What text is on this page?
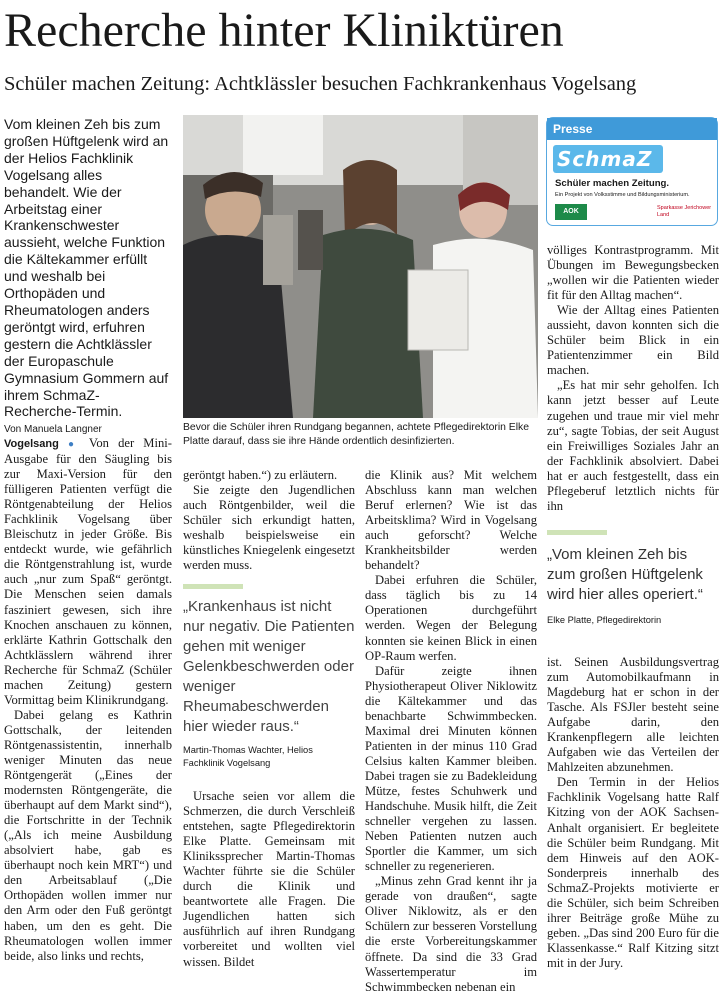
Recherche hinter Kliniktüren
Schüler machen Zeitung: Achtklässler besuchen Fachkrankenhaus Vogelsang
Vom kleinen Zeh bis zum großen Hüftgelenk wird an der Helios Fachklinik Vogelsang alles behandelt. Wie der Arbeitstag einer Krankenschwester aussieht, welche Funktion die Kältekammer erfüllt und weshalb bei Orthopäden und Rheumatologen anders geröntgt wird, erfuhren gestern die Achtklässler der Europaschule Gymnasium Gommern auf ihrem SchmaZ-Recherche-Termin.
Von Manuela Langner

Vogelsang ● Von der Mini-Ausgabe für den Säugling bis zur Maxi-Version für den fülligeren Patienten verfügt die Röntgenabteilung der Helios Fachklinik Vogelsang über Bleischutz in jeder Größe. Bis entdeckt wurde, wie gefährlich die Röntgenstrahlung ist, wurde auch „nur zum Spaß“ geröntgt. Die Menschen seien damals fasziniert gewesen, sich ihre Knochen anschauen zu können, erklärte Kathrin Gottschalk den Achtklässlern während ihrer Recherche für SchmaZ (Schüler machen Zeitung) gestern Vormittag beim Klinikrundgang.

Dabei gelang es Kathrin Gottschalk, der leitenden Röntgenassistentin, innerhalb weniger Minuten das neue Röntgengerät („Eines der modernsten Röntgengeräte, die überhaupt auf dem Markt sind“), die Fortschritte in der Technik („Als ich meine Ausbildung absolviert habe, gab es überhaupt noch kein MRT“) und den Arbeitsablauf („Die Orthopäden wollen immer nur den Arm oder den Fuß geröntgt haben, um den es geht. Die Rheumatologen wollen immer beide, also links und rechts,

Bevor die Schüler ihren Rundgang begannen, achtete Pflegedirektorin Elke Platte darauf, dass sie ihre Hände ordentlich desinfizierten.
Presse
SchmaZ
Schüler machen Zeitung.
Ein Projekt von Volksstimme und Bildungsministerium.
AOK	Sparkasse Jerichower Land

geröntgt haben.“) zu erläutern.

Sie zeigte den Jugendlichen auch Röntgenbilder, weil die Schüler sich erkundigt hatten, weshalb beispielsweise ein künstliches Kniegelenk eingesetzt werden muss.

„Krankenhaus ist nicht nur negativ. Die Patienten gehen mit weniger Gelenkbeschwerden oder weniger Rheumabeschwerden hier wieder raus.“
Martin-Thomas Wachter, Helios Fachklinik Vogelsang

Ursache seien vor allem die Schmerzen, die durch Verschleiß entstehen, sagte Pflegedirektorin Elke Platte. Gemeinsam mit Klinikssprecher Martin-Thomas Wachter führte sie die Schüler durch die Klinik und beantwortete alle Fragen. Die Jugendlichen hatten sich ausführlich auf ihren Rundgang vorbereitet und wollten viel wissen. Bildet

die Klinik aus? Mit welchem Abschluss kann man welchen Beruf erlernen? Wie ist das Arbeitsklima? Wird in Vogelsang auch geforscht? Welche Krankheitsbilder werden behandelt?

Dabei erfuhren die Schüler, dass täglich bis zu 14 Operationen durchgeführt werden. Wegen der Belegung konnten sie keinen Blick in einen OP-Raum werfen.

Dafür zeigte ihnen Physiotherapeut Oliver Niklowitz die Kältekammer und das benachbarte Schwimmbecken. Maximal drei Minuten können Patienten in der minus 110 Grad Celsius kalten Kammer bleiben. Dabei tragen sie zu Badekleidung Mütze, festes Schuhwerk und Handschuhe. Musik hilft, die Zeit schneller vergehen zu lassen. Neben Patienten nutzen auch Sportler die Kammer, um sich schneller zu regenerieren.

„Minus zehn Grad kennt ihr ja gerade von draußen“, sagte Oliver Niklowitz, als er den Schülern zur besseren Vorstellung die erste Vorbereitungskammer öffnete. Da sind die 33 Grad Wassertemperatur im Schwimmbecken nebenan ein

völliges Kontrastprogramm. Mit Übungen im Bewegungsbecken „wollen wir die Patienten wieder fit für den Alltag machen“.

Wie der Alltag eines Patienten aussieht, davon konnten sich die Schüler beim Blick in ein Patientenzimmer ein Bild machen.

„Es hat mir sehr geholfen. Ich kann jetzt besser auf Leute zugehen und traue mir viel mehr zu“, sagte Tobias, der seit August ein Freiwilliges Soziales Jahr an der Fachklinik absolviert. Dabei hat er auch festgestellt, dass ein Pflegeberuf letztlich nichts für ihn

„Vom kleinen Zeh bis zum großen Hüftgelenk wird hier alles operiert.“
Elke Platte, Pflegedirektorin

ist. Seinen Ausbildungsvertrag zum Automobilkaufmann in Magdeburg hat er schon in der Tasche. Als FSJler besteht seine Aufgabe darin, den Krankenpflegern alle leichten Aufgaben wie das Verteilen der Mahlzeiten abzunehmen.

Den Termin in der Helios Fachklinik Vogelsang hatte Ralf Kitzing von der AOK Sachsen-Anhalt organisiert. Er begleitete die Schüler beim Rundgang. Mit dem Hinweis auf den AOK-Sonderpreis innerhalb des SchmaZ-Projekts motivierte er die Schüler, sich beim Schreiben ihrer Beiträge große Mühe zu geben. „Das sind 200 Euro für die Klassenkasse.“ Ralf Kitzing sitzt mit in der Jury.
